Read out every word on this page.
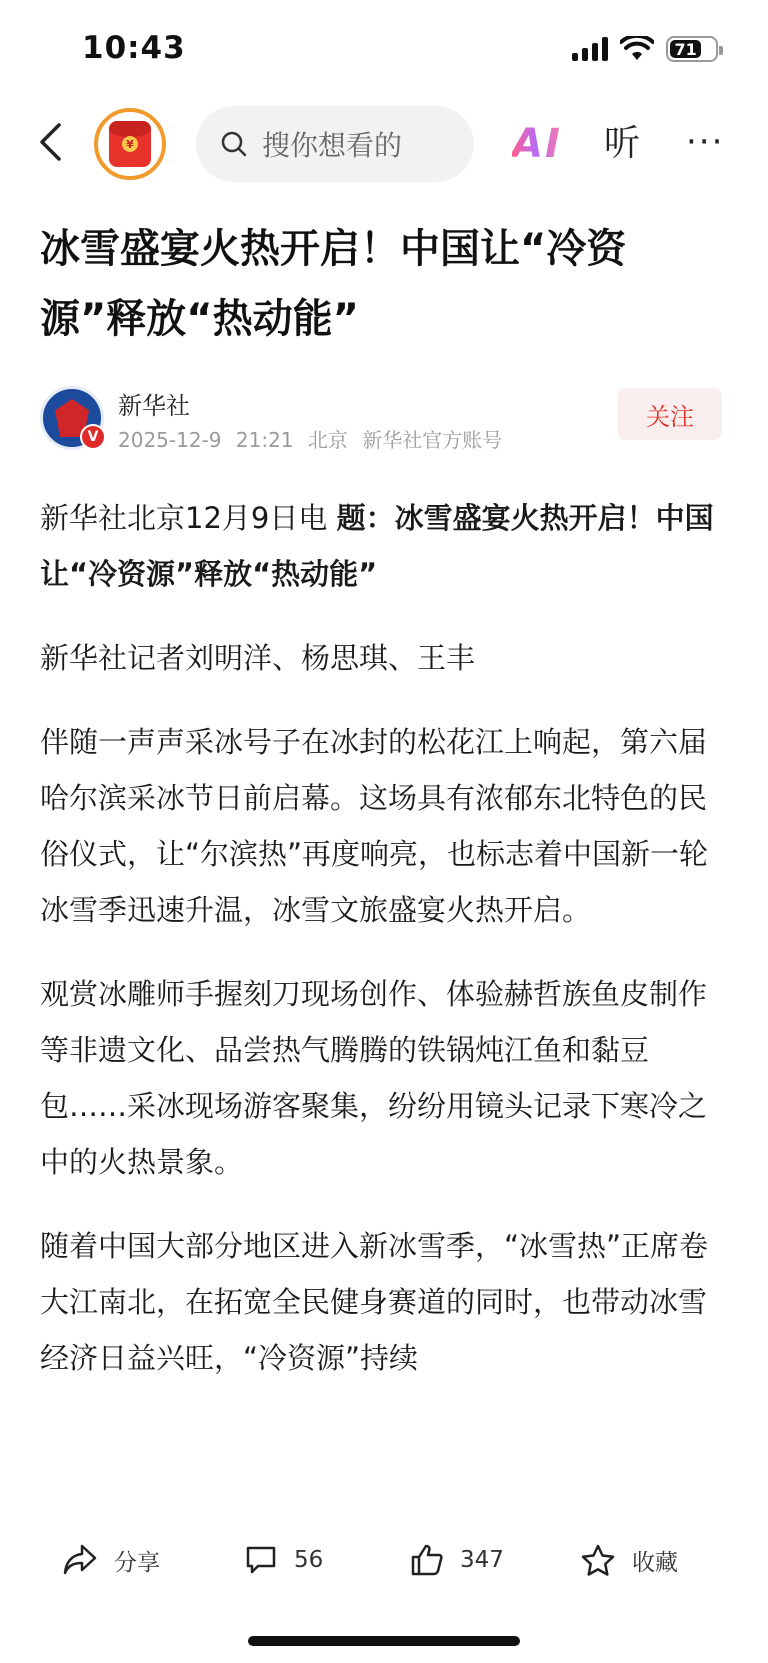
10:43	71
¥	搜你想看的	AI 听 ···
冰雪盛宴火热开启！中国让“冷资源”释放“热动能”
V
新华社
2025-12-9 21:21 北京 新华社官方账号
关注

新华社北京12月9日电 题：冰雪盛宴火热开启！中国让“冷资源”释放“热动能”

新华社记者刘明洋、杨思琪、王丰

伴随一声声采冰号子在冰封的松花江上响起，第六届哈尔滨采冰节日前启幕。这场具有浓郁东北特色的民俗仪式，让“尔滨热”再度响亮，也标志着中国新一轮冰雪季迅速升温，冰雪文旅盛宴火热开启。

观赏冰雕师手握刻刀现场创作、体验赫哲族鱼皮制作等非遗文化、品尝热气腾腾的铁锅炖江鱼和黏豆包……采冰现场游客聚集，纷纷用镜头记录下寒冷之中的火热景象。

随着中国大部分地区进入新冰雪季，“冰雪热”正席卷大江南北，在拓宽全民健身赛道的同时，也带动冰雪经济日益兴旺，“冷资源”持续

分享	56	347	收藏
